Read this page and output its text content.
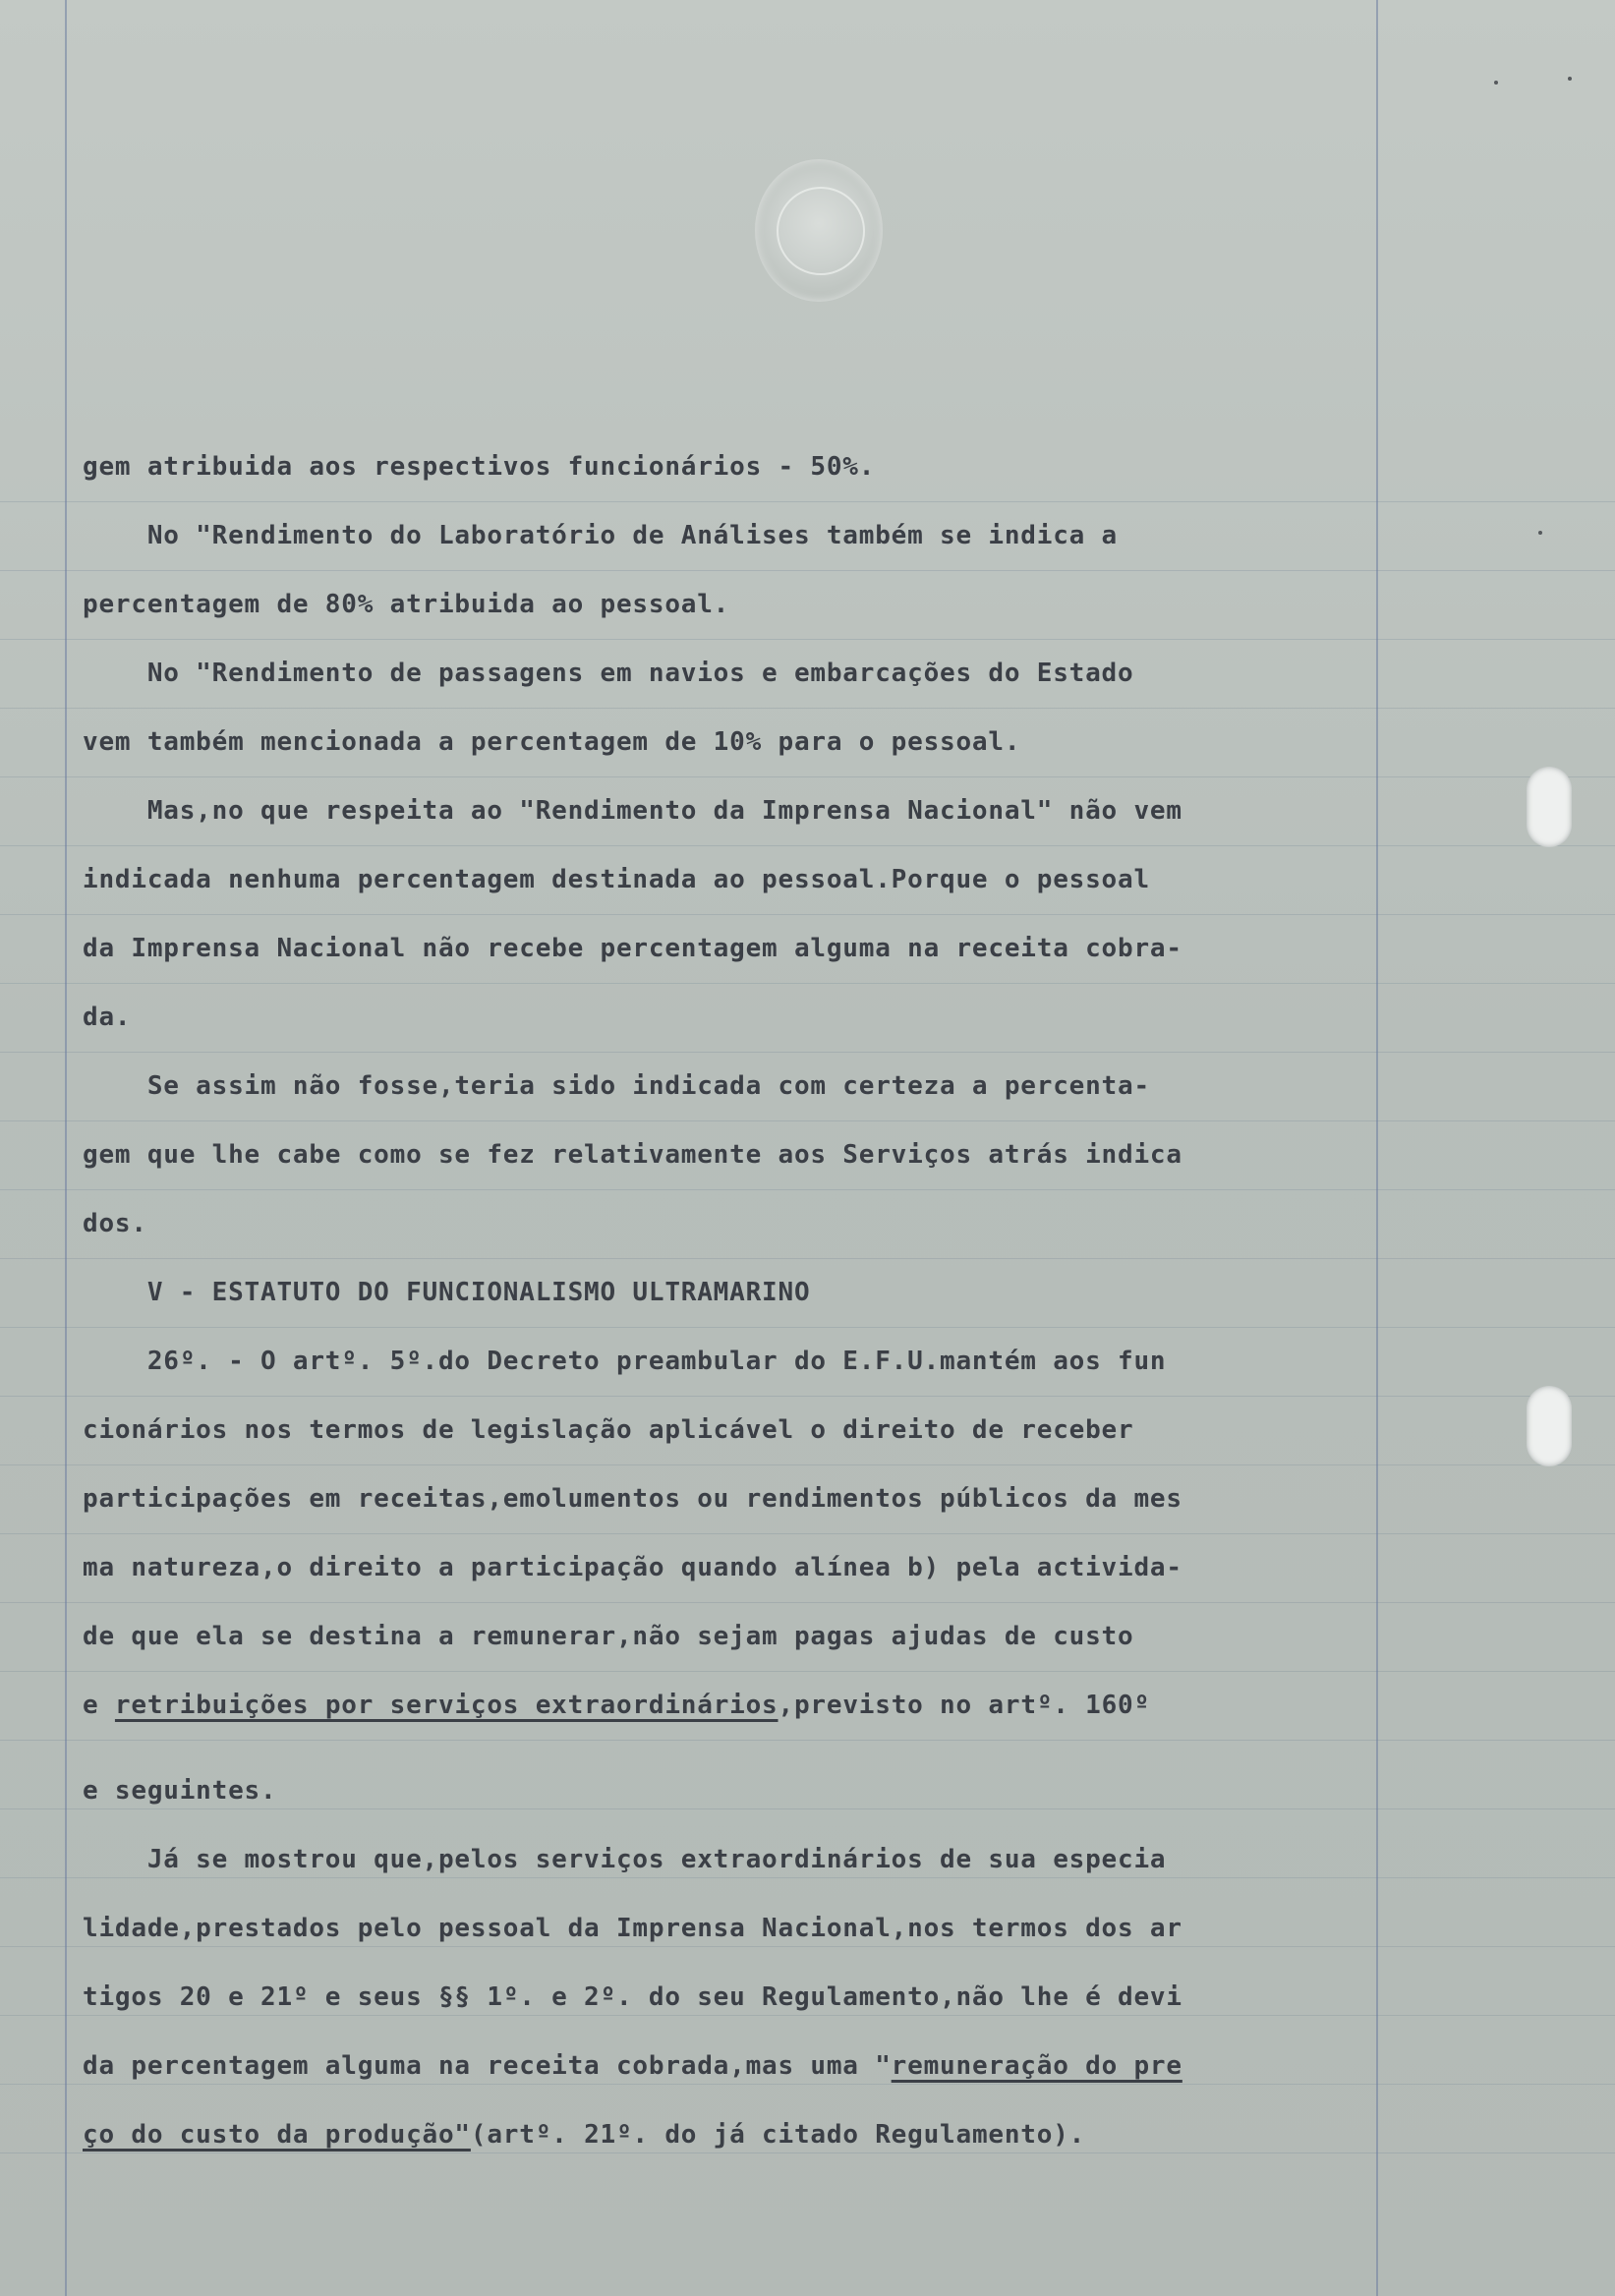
gem atribuida aos respectivos funcionários - 50%.

No "Rendimento do Laboratório de Análises também se indica a

percentagem de 80% atribuida ao pessoal.

No "Rendimento de passagens em navios e embarcações do Estado

vem também mencionada a percentagem de 10% para o pessoal.

Mas,no que respeita ao "Rendimento da Imprensa Nacional" não vem

indicada nenhuma percentagem destinada ao pessoal.Porque o pessoal

da Imprensa Nacional não recebe percentagem alguma na receita cobra-

da.

Se assim não fosse,teria sido indicada com certeza a percenta-

gem que lhe cabe como se fez relativamente aos Serviços atrás indica

dos.

V - ESTATUTO DO FUNCIONALISMO ULTRAMARINO

26º. - O artº. 5º.do Decreto preambular do E.F.U.mantém aos fun

cionários nos termos de legislação aplicável o direito de receber

participações em receitas,emolumentos ou rendimentos públicos da mes

ma natureza,o direito a participação quando alínea b) pela activida-

de que ela se destina a remunerar,não sejam pagas ajudas de custo

e retribuições por serviços extraordinários,previsto no artº. 160º

e seguintes.

Já se mostrou que,pelos serviços extraordinários de sua especia

lidade,prestados pelo pessoal da Imprensa Nacional,nos termos dos ar

tigos 20 e 21º e seus §§ 1º. e 2º. do seu Regulamento,não lhe é devi

da percentagem alguma na receita cobrada,mas uma "remuneração do pre

ço do custo da produção"(artº. 21º. do já citado Regulamento).
